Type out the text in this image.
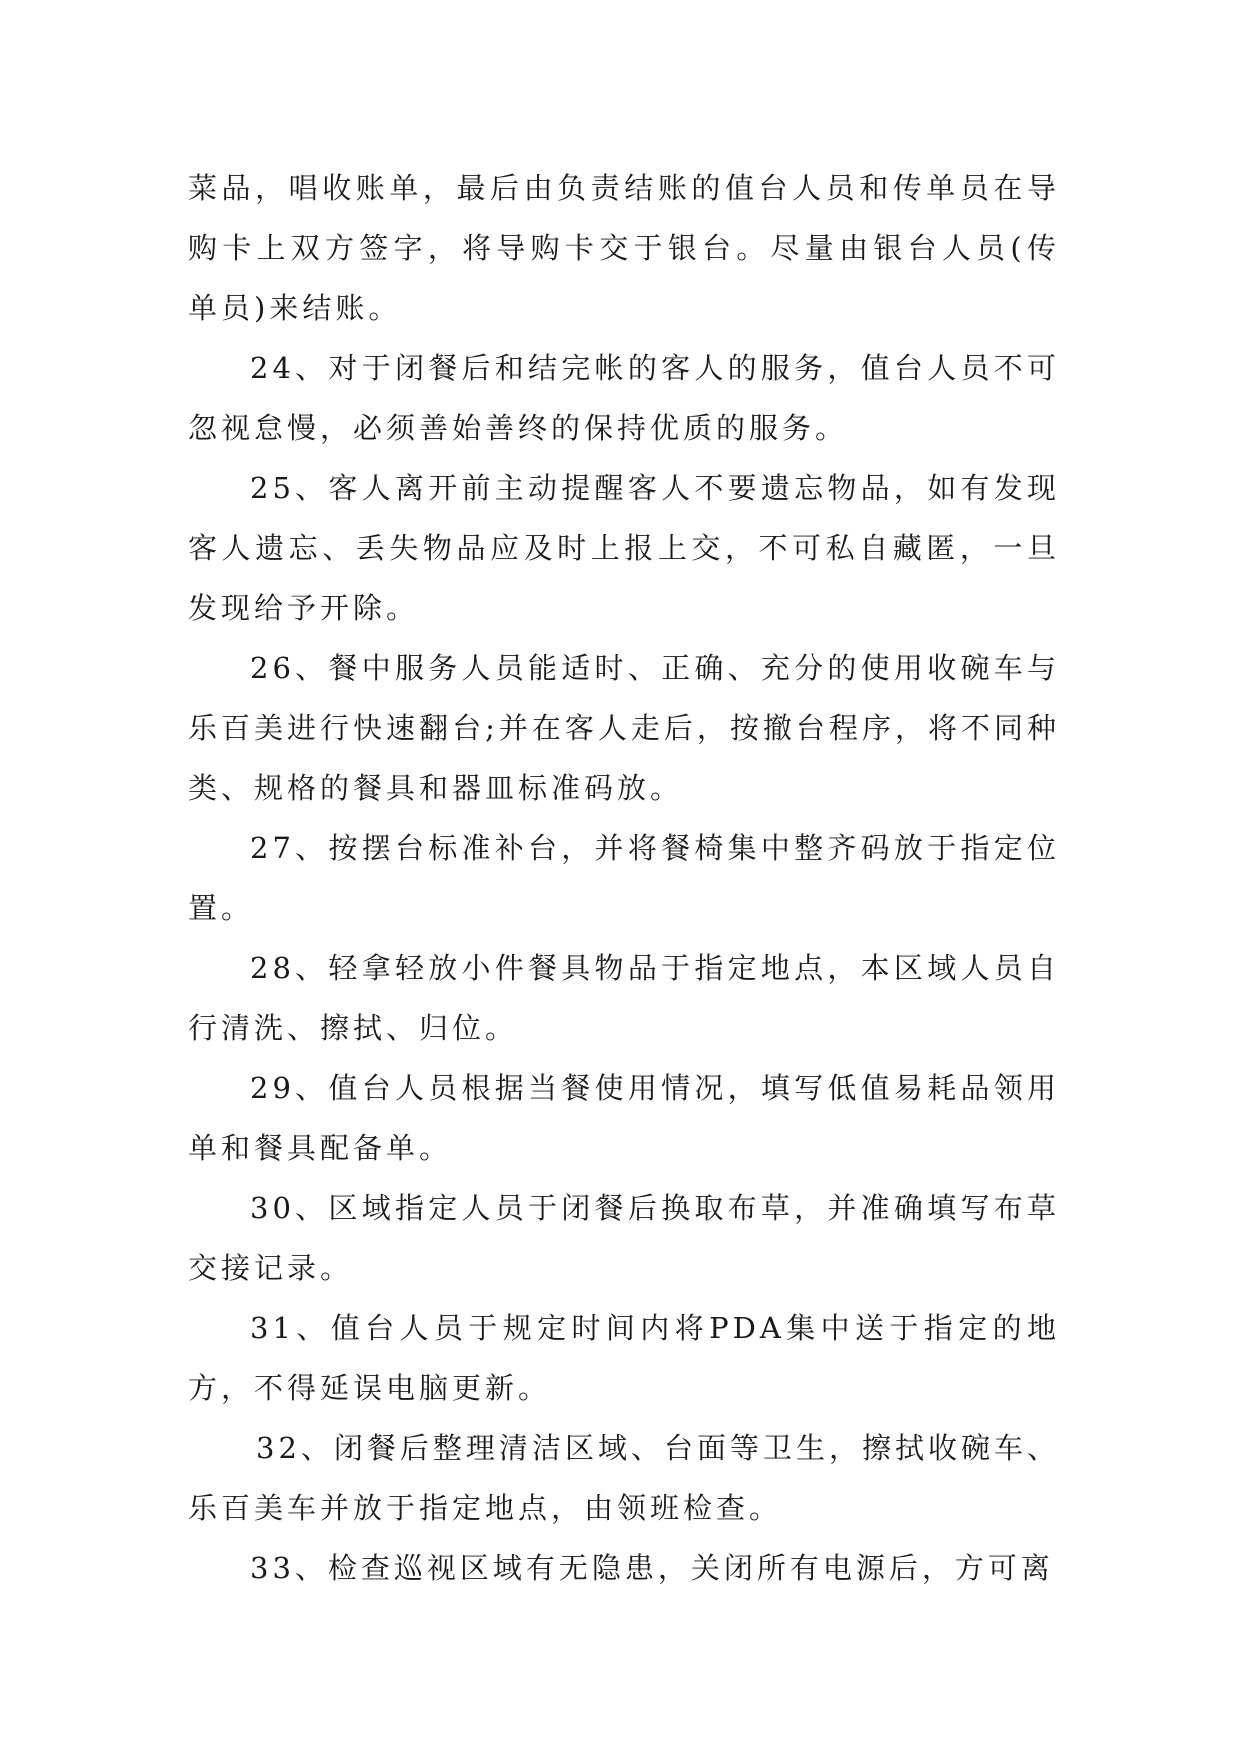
菜品，唱收账单，最后由负责结账的值台人员和传单员在导购卡上双方签字，将导购卡交于银台。尽量由银台人员(传单员)来结账。

24、对于闭餐后和结完帐的客人的服务，值台人员不可忽视怠慢，必须善始善终的保持优质的服务。

25、客人离开前主动提醒客人不要遗忘物品，如有发现客人遗忘、丢失物品应及时上报上交，不可私自藏匿，一旦发现给予开除。

26、餐中服务人员能适时、正确、充分的使用收碗车与乐百美进行快速翻台;并在客人走后，按撤台程序，将不同种类、规格的餐具和器皿标准码放。

27、按摆台标准补台，并将餐椅集中整齐码放于指定位置。

28、轻拿轻放小件餐具物品于指定地点，本区域人员自行清洗、擦拭、归位。

29、值台人员根据当餐使用情况，填写低值易耗品领用单和餐具配备单。

30、区域指定人员于闭餐后换取布草，并准确填写布草交接记录。

31、值台人员于规定时间内将PDA集中送于指定的地方，不得延误电脑更新。

32、闭餐后整理清洁区域、台面等卫生，擦拭收碗车、乐百美车并放于指定地点，由领班检查。

33、检查巡视区域有无隐患，关闭所有电源后，方可离
